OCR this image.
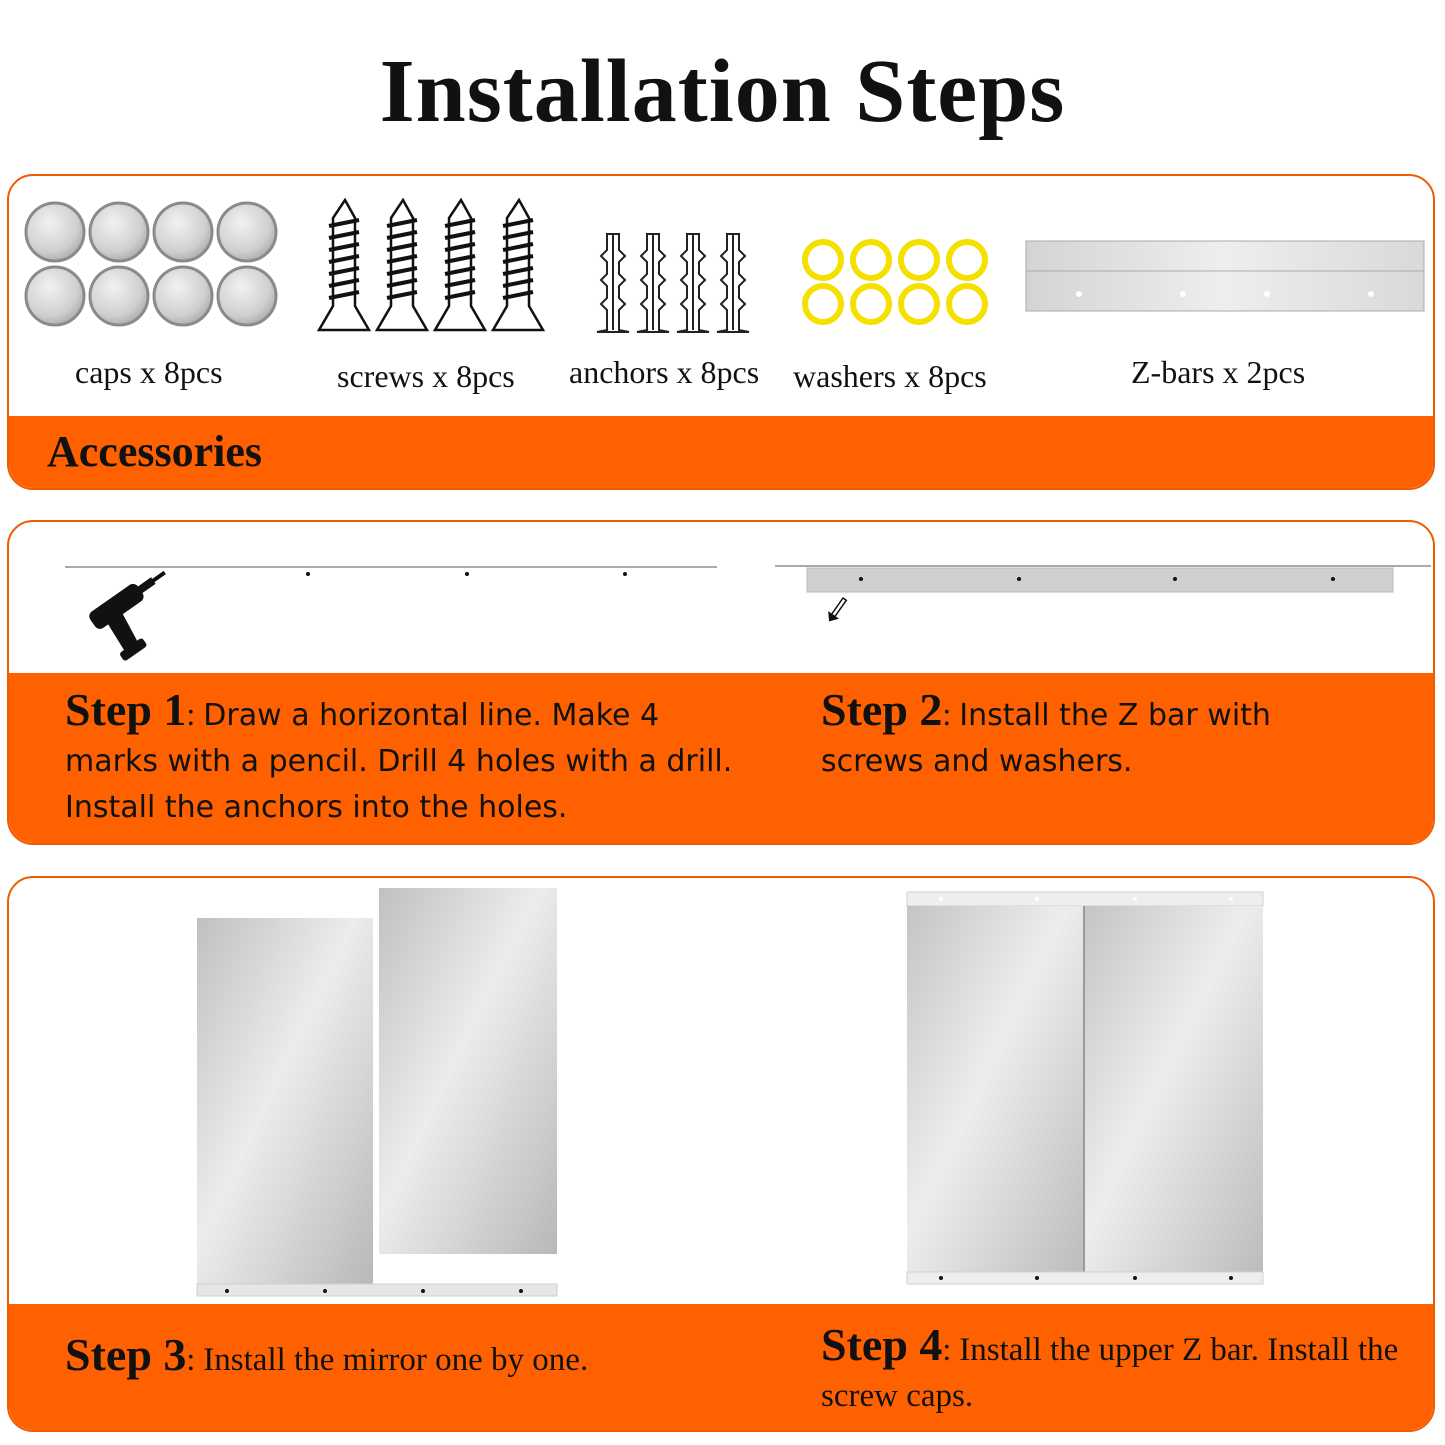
Installation Steps
caps x 8pcs	screws x 8pcs anchors x 8pcs washers x 8pcs	Z-bars x 2pcs
Accessories
Step 1: Draw a horizontal line. Make 4 marks with a pencil. Drill 4 holes with a drill. Install the anchors into the holes.
Step 2: Install the Z bar with screws and washers.
Step 3: Install the mirror one by one.	Step 4: Install the upper Z bar. Install the screw caps.
